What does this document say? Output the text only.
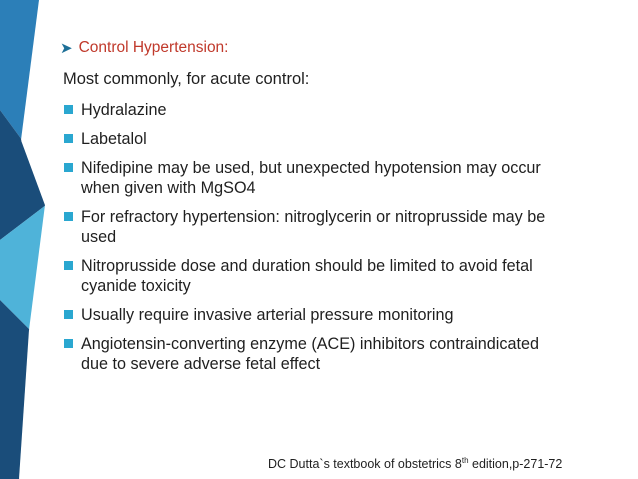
➤ Control Hypertension:
Most commonly, for acute control:
Hydralazine
Labetalol
Nifedipine may be used, but unexpected hypotension may occur
when given with MgSO4
For refractory hypertension: nitroglycerin or nitroprusside may be
used
Nitroprusside dose and duration should be limited to avoid fetal
cyanide toxicity
Usually require invasive arterial pressure monitoring
Angiotensin-converting enzyme (ACE) inhibitors contraindicated
due to severe adverse fetal effect
DC Dutta`s textbook of obstetrics 8th edition,p-271-72
